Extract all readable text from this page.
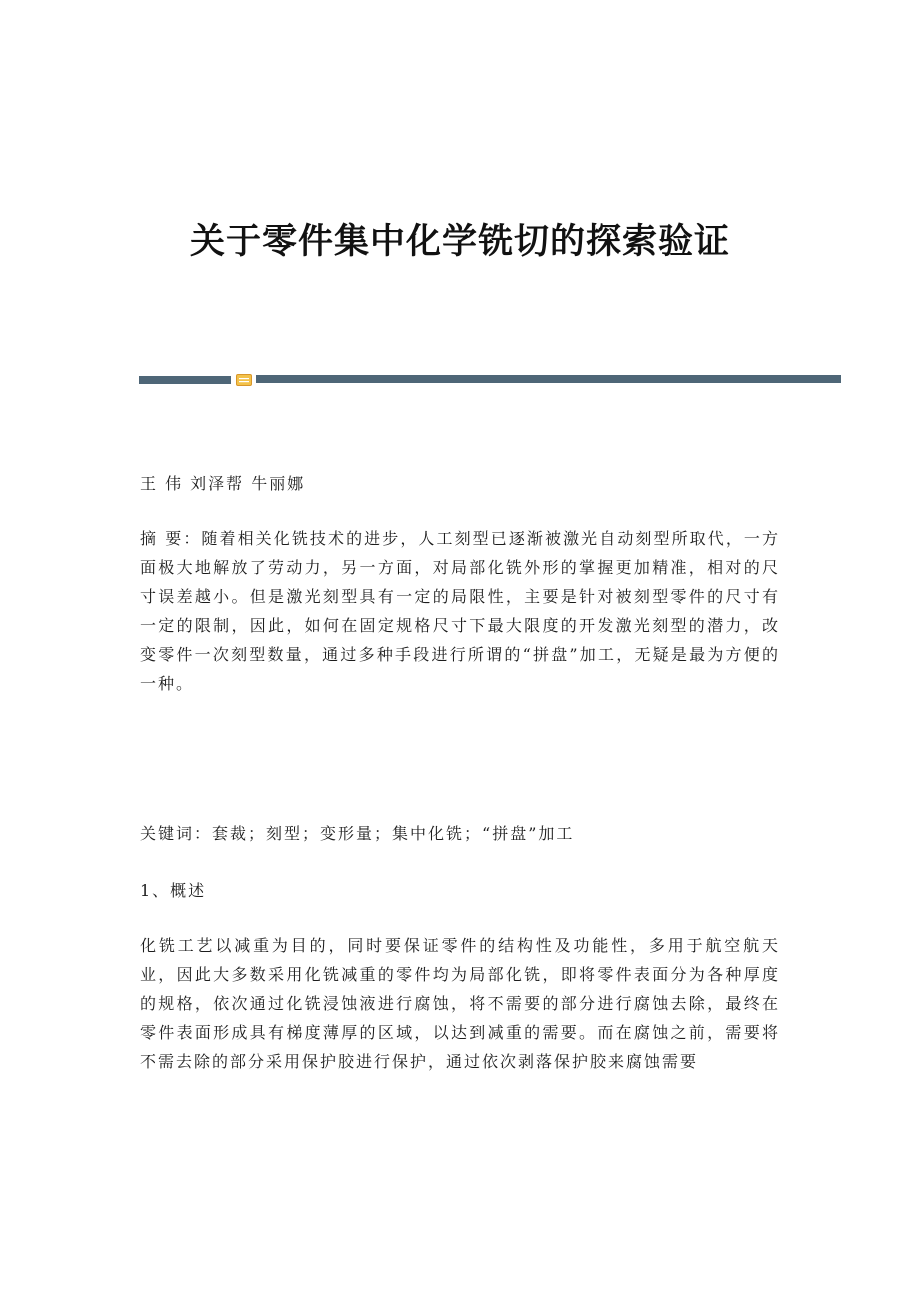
关于零件集中化学铣切的探索验证
王 伟 刘泽帮 牛丽娜
摘 要：随着相关化铣技术的进步，人工刻型已逐渐被激光自动刻型所取代，一方面极大地解放了劳动力，另一方面，对局部化铣外形的掌握更加精准，相对的尺寸误差越小。但是激光刻型具有一定的局限性，主要是针对被刻型零件的尺寸有一定的限制，因此，如何在固定规格尺寸下最大限度的开发激光刻型的潜力，改变零件一次刻型数量，通过多种手段进行所谓的“拼盘”加工，无疑是最为方便的一种。
关键词：套裁；刻型；变形量；集中化铣；“拼盘”加工
1、概述
化铣工艺以减重为目的，同时要保证零件的结构性及功能性，多用于航空航天业，因此大多数采用化铣减重的零件均为局部化铣，即将零件表面分为各种厚度的规格，依次通过化铣浸蚀液进行腐蚀，将不需要的部分进行腐蚀去除，最终在零件表面形成具有梯度薄厚的区域，以达到减重的需要。而在腐蚀之前，需要将不需去除的部分采用保护胶进行保护，通过依次剥落保护胶来腐蚀需要
